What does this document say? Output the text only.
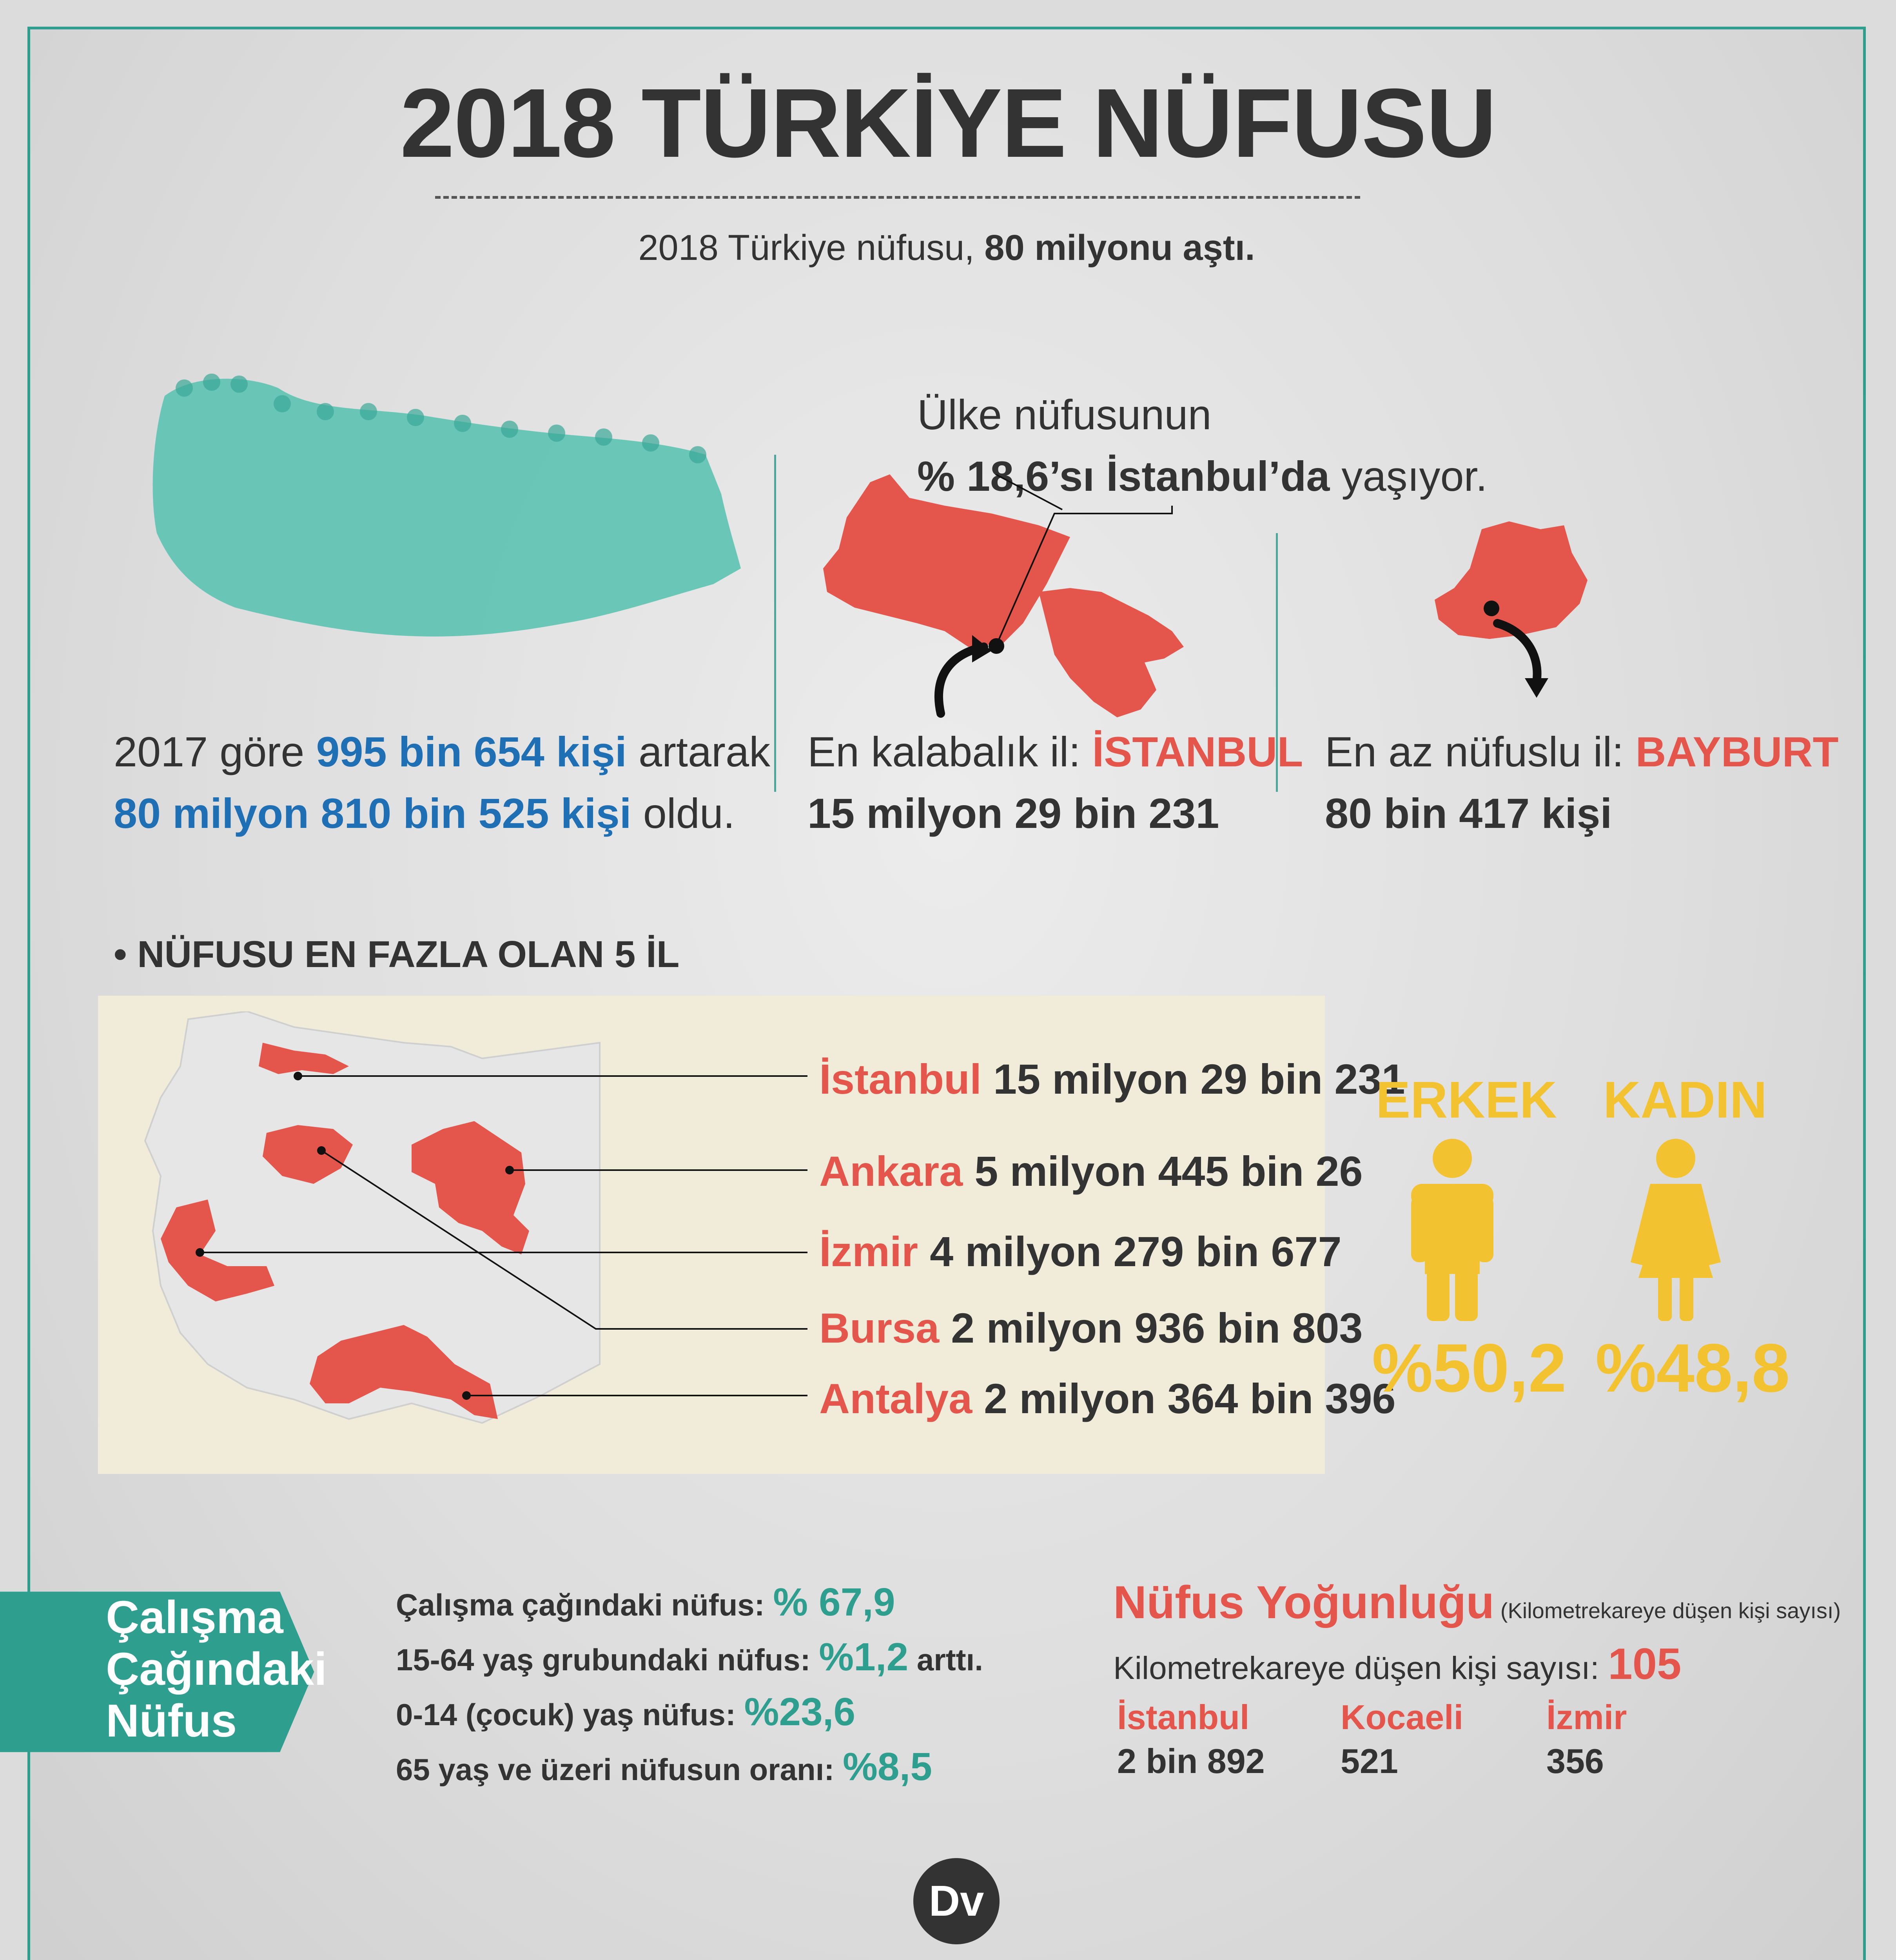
2018 TÜRKİYE NÜFUSU
2018 Türkiye nüfusu, 80 milyonu aştı.
2017 göre 995 bin 654 kişi artarak
80 milyon 810 bin 525 kişi oldu.
Ülke nüfusunun
% 18,6’sı İstanbul’da yaşıyor.
En kalabalık il: İSTANBUL
15 milyon 29 bin 231
En az nüfuslu il: BAYBURT
80 bin 417 kişi
• NÜFUSU EN FAZLA OLAN 5 İL
İstanbul 15 milyon 29 bin 231
Ankara 5 milyon 445 bin 26
İzmir 4 milyon 279 bin 677
Bursa 2 milyon 936 bin 803
Antalya 2 milyon 364 bin 396
ERKEK KADIN
%50,2 %48,8
Çalışma
Çağındaki
Nüfus
Çalışma çağındaki nüfus: % 67,9
15-64 yaş grubundaki nüfus: %1,2 arttı.
0-14 (çocuk) yaş nüfus: %23,6
65 yaş ve üzeri nüfusun oranı: %8,5
Nüfus Yoğunluğu (Kilometrekareye düşen kişi sayısı)
Kilometrekareye düşen kişi sayısı: 105
İstanbul
2 bin 892
Kocaeli
521
İzmir
356
Dv
